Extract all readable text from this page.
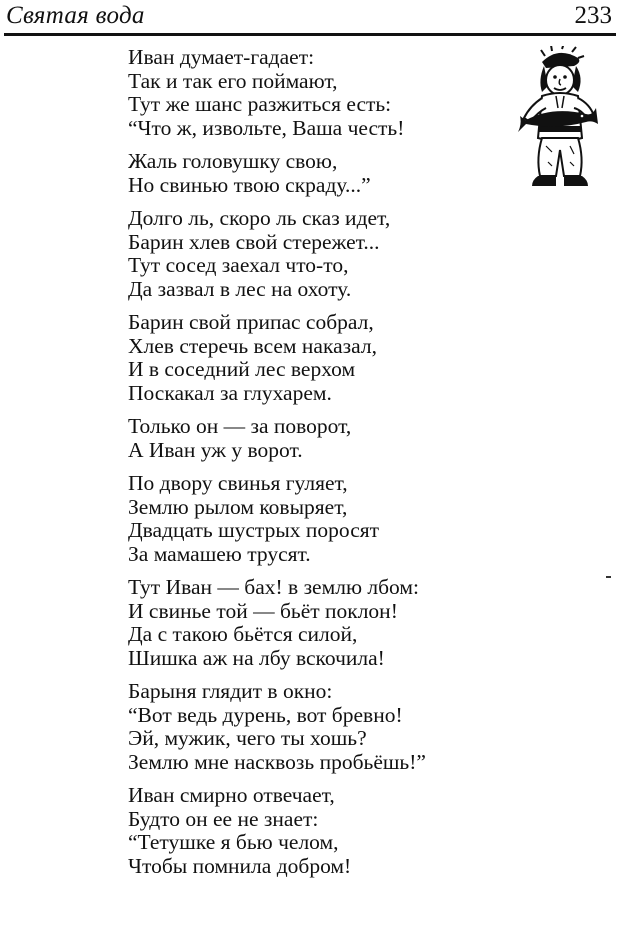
Святая вода	233
Иван думает-гадает:
Так и так его поймают,
Тут же шанс разжиться есть:
“Что ж, извольте, Ваша честь!
Жаль головушку свою,
Но свинью твою скраду...”
Долго ль, скоро ль сказ идет,
Барин хлев свой стережет...
Тут сосед заехал что-то,
Да зазвал в лес на охоту.
Барин свой припас собрал,
Хлев стеречь всем наказал,
И в соседний лес верхом
Поскакал за глухарем.
Только он — за поворот,
А Иван уж у ворот.
По двору свинья гуляет,
Землю рылом ковыряет,
Двадцать шустрых поросят
За мамашею трусят.
Тут Иван — бах! в землю лбом:
И свинье той — бьёт поклон!
Да с такою бьётся силой,
Шишка аж на лбу вскочила!
Барыня глядит в окно:
“Вот ведь дурень, вот бревно!
Эй, мужик, чего ты хошь?
Землю мне насквозь пробьёшь!”
Иван смирно отвечает,
Будто он ее не знает:
“Тетушке я бью челом,
Чтобы помнила добром!
